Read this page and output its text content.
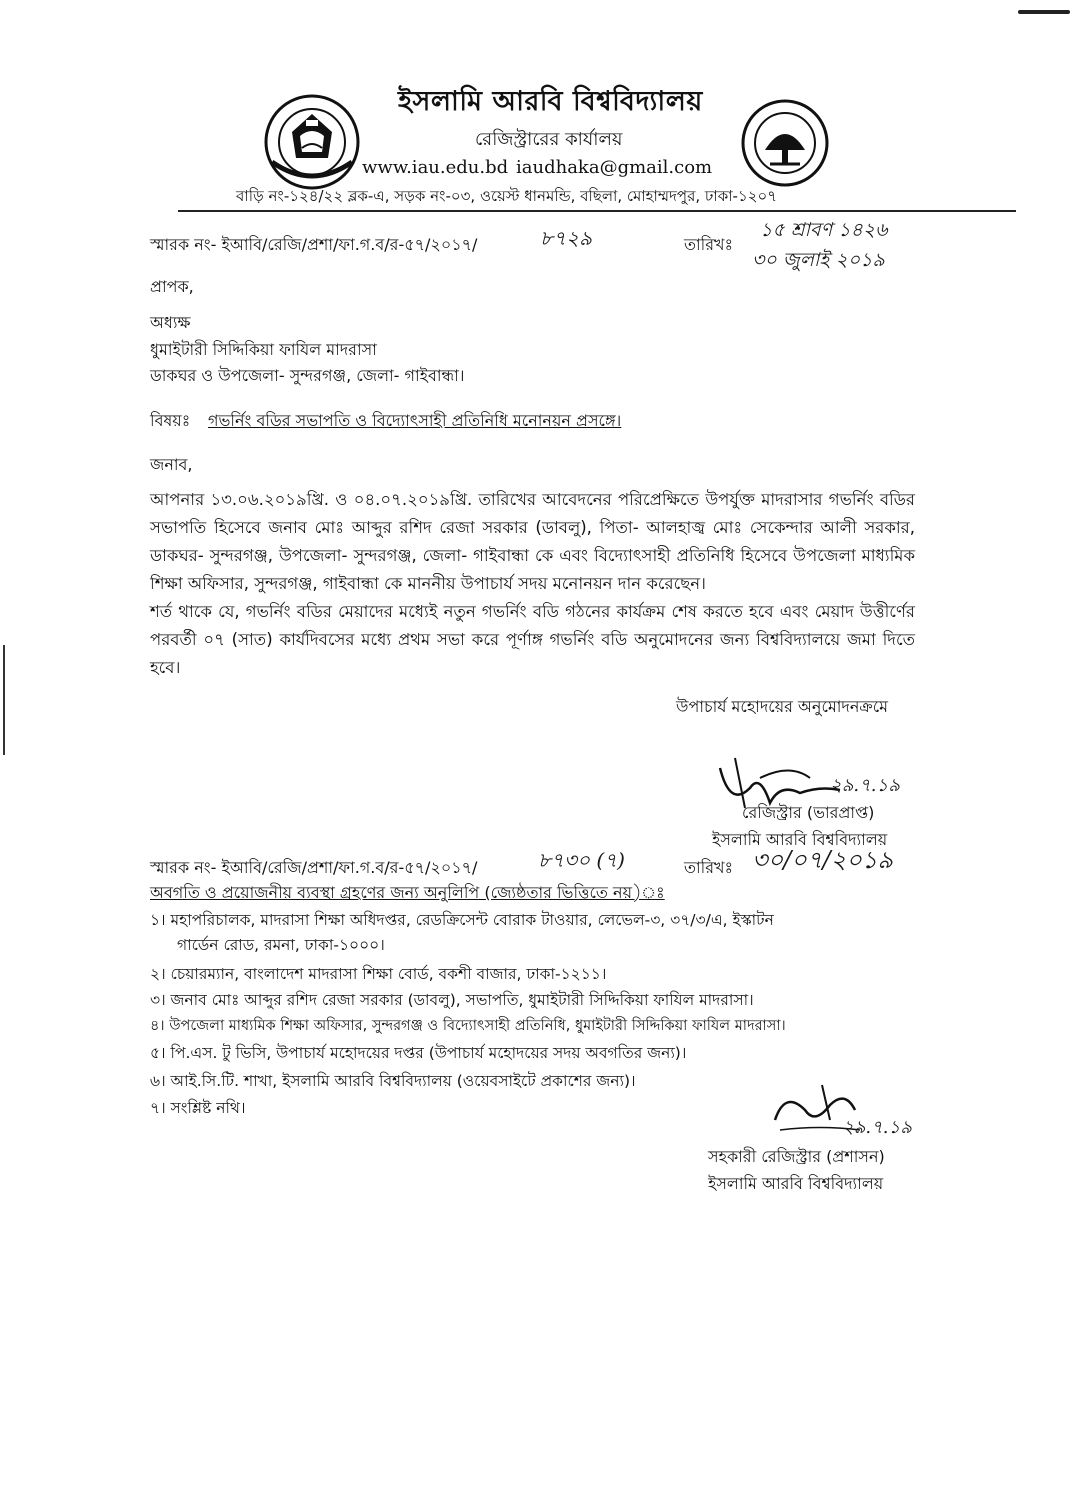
ইসলামি আরবি বিশ্ববিদ্যালয়
রেজিস্ট্রারের কার্যালয়
www.iau.edu.bd iaudhaka@gmail.com
বাড়ি নং-১২৪/২২ ব্লক-এ, সড়ক নং-০৩, ওয়েস্ট ধানমন্ডি, বছিলা, মোহাম্মদপুর, ঢাকা-১২০৭
স্মারক নং- ইআবি/রেজি/প্রশা/ফা.গ.ব/র-৫৭/২০১৭/	৮৭২৯	তারিখঃ
১৫ শ্রাবণ ১৪২৬
৩০ জুলাই ২০১৯
প্রাপক,
অধ্যক্ষ
ধুমাইটারী সিদ্দিকিয়া ফাযিল মাদরাসা
ডাকঘর ও উপজেলা- সুন্দরগঞ্জ, জেলা- গাইবান্ধা।
বিষয়ঃ গভর্নিং বডির সভাপতি ও বিদ্যোৎসাহী প্রতিনিধি মনোনয়ন প্রসঙ্গে।
জনাব,
আপনার ১৩.০৬.২০১৯খ্রি. ও ০৪.০৭.২০১৯খ্রি. তারিখের আবেদনের পরিপ্রেক্ষিতে উপর্যুক্ত মাদরাসার গভর্নিং বডির সভাপতি হিসেবে জনাব মোঃ আব্দুর রশিদ রেজা সরকার (ডাবলু), পিতা- আলহাজ্ব মোঃ সেকেন্দার আলী সরকার, ডাকঘর- সুন্দরগঞ্জ, উপজেলা- সুন্দরগঞ্জ, জেলা- গাইবান্ধা কে এবং বিদ্যোৎসাহী প্রতিনিধি হিসেবে উপজেলা মাধ্যমিক শিক্ষা অফিসার, সুন্দরগঞ্জ, গাইবান্ধা কে মাননীয় উপাচার্য সদয় মনোনয়ন দান করেছেন।
শর্ত থাকে যে, গভর্নিং বডির মেয়াদের মধ্যেই নতুন গভর্নিং বডি গঠনের কার্যক্রম শেষ করতে হবে এবং মেয়াদ উত্তীর্ণের পরবর্তী ০৭ (সাত) কার্যদিবসের মধ্যে প্রথম সভা করে পূর্ণাঙ্গ গভর্নিং বডি অনুমোদনের জন্য বিশ্ববিদ্যালয়ে জমা দিতে হবে।
উপাচার্য মহোদয়ের অনুমোদনক্রমে
২৯.৭.১৯
রেজিস্ট্রার (ভারপ্রাপ্ত)
ইসলামি আরবি বিশ্ববিদ্যালয়
স্মারক নং- ইআবি/রেজি/প্রশা/ফা.গ.ব/র-৫৭/২০১৭/	৮৭৩০ (৭)	তারিখঃ ৩০/০৭/২০১৯
অবগতি ও প্রয়োজনীয় ব্যবস্থা গ্রহণের জন্য অনুলিপি (জ্যেষ্ঠতার ভিত্তিতে নয়)ঃ
১। মহাপরিচালক, মাদরাসা শিক্ষা অধিদপ্তর, রেডক্রিসেন্ট বোরাক টাওয়ার, লেভেল-৩, ৩৭/৩/এ, ইস্কাটন
গার্ডেন রোড, রমনা, ঢাকা-১০০০।
২। চেয়ারম্যান, বাংলাদেশ মাদরাসা শিক্ষা বোর্ড, বকশী বাজার, ঢাকা-১২১১।
৩। জনাব মোঃ আব্দুর রশিদ রেজা সরকার (ডাবলু), সভাপতি, ধুমাইটারী সিদ্দিকিয়া ফাযিল মাদরাসা।
৪। উপজেলা মাধ্যমিক শিক্ষা অফিসার, সুন্দরগঞ্জ ও বিদ্যোৎসাহী প্রতিনিধি, ধুমাইটারী সিদ্দিকিয়া ফাযিল মাদরাসা।
৫। পি.এস. টু ভিসি, উপাচার্য মহোদয়ের দপ্তর (উপাচার্য মহোদয়ের সদয় অবগতির জন্য)।
৬। আই.সি.টি. শাখা, ইসলামি আরবি বিশ্ববিদ্যালয় (ওয়েবসাইটে প্রকাশের জন্য)।
৭। সংশ্লিষ্ট নথি।
২৯.৭.১৯
সহকারী রেজিস্ট্রার (প্রশাসন)
ইসলামি আরবি বিশ্ববিদ্যালয়
